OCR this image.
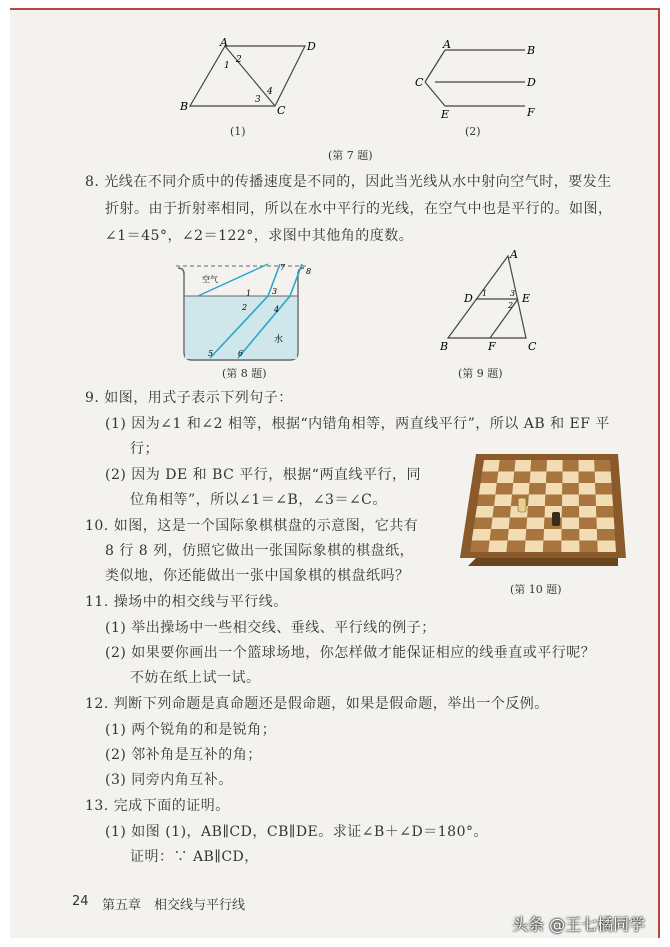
A	D
B	C
1
2
3
4
(1)
A	B
C	D
E	F
(2)
(第 7 题)
8. 光线在不同介质中的传播速度是不同的，因此当光线从水中射向空气时，要发生
折射。由于折射率相同，所以在水中平行的光线，在空气中也是平行的。如图，
∠1＝45°，∠2＝122°，求图中其他角的度数。
空气
水
7	8
1	3
2	4
5	6
(第 8 题)
A
D	E
B	F	C
1	3
2
(第 9 题)
9. 如图，用式子表示下列句子：
(1) 因为∠1 和∠2 相等，根据“内错角相等，两直线平行”，所以 AB 和 EF 平
行；
(2) 因为 DE 和 BC 平行，根据“两直线平行，同
位角相等”，所以∠1＝∠B，∠3＝∠C。
(第 10 题)
10. 如图，这是一个国际象棋棋盘的示意图，它共有
8 行 8 列，仿照它做出一张国际象棋的棋盘纸，
类似地，你还能做出一张中国象棋的棋盘纸吗？
11. 操场中的相交线与平行线。
(1) 举出操场中一些相交线、垂线、平行线的例子；
(2) 如果要你画出一个篮球场地，你怎样做才能保证相应的线垂直或平行呢？
不妨在纸上试一试。
12. 判断下列命题是真命题还是假命题，如果是假命题，举出一个反例。
(1) 两个锐角的和是锐角；
(2) 邻补角是互补的角；
(3) 同旁内角互补。
13. 完成下面的证明。
(1) 如图 (1)，AB∥CD，CB∥DE。求证∠B＋∠D＝180°。
证明：∵ AB∥CD，
24 第五章　相交线与平行线
头条 @王七橘同学
